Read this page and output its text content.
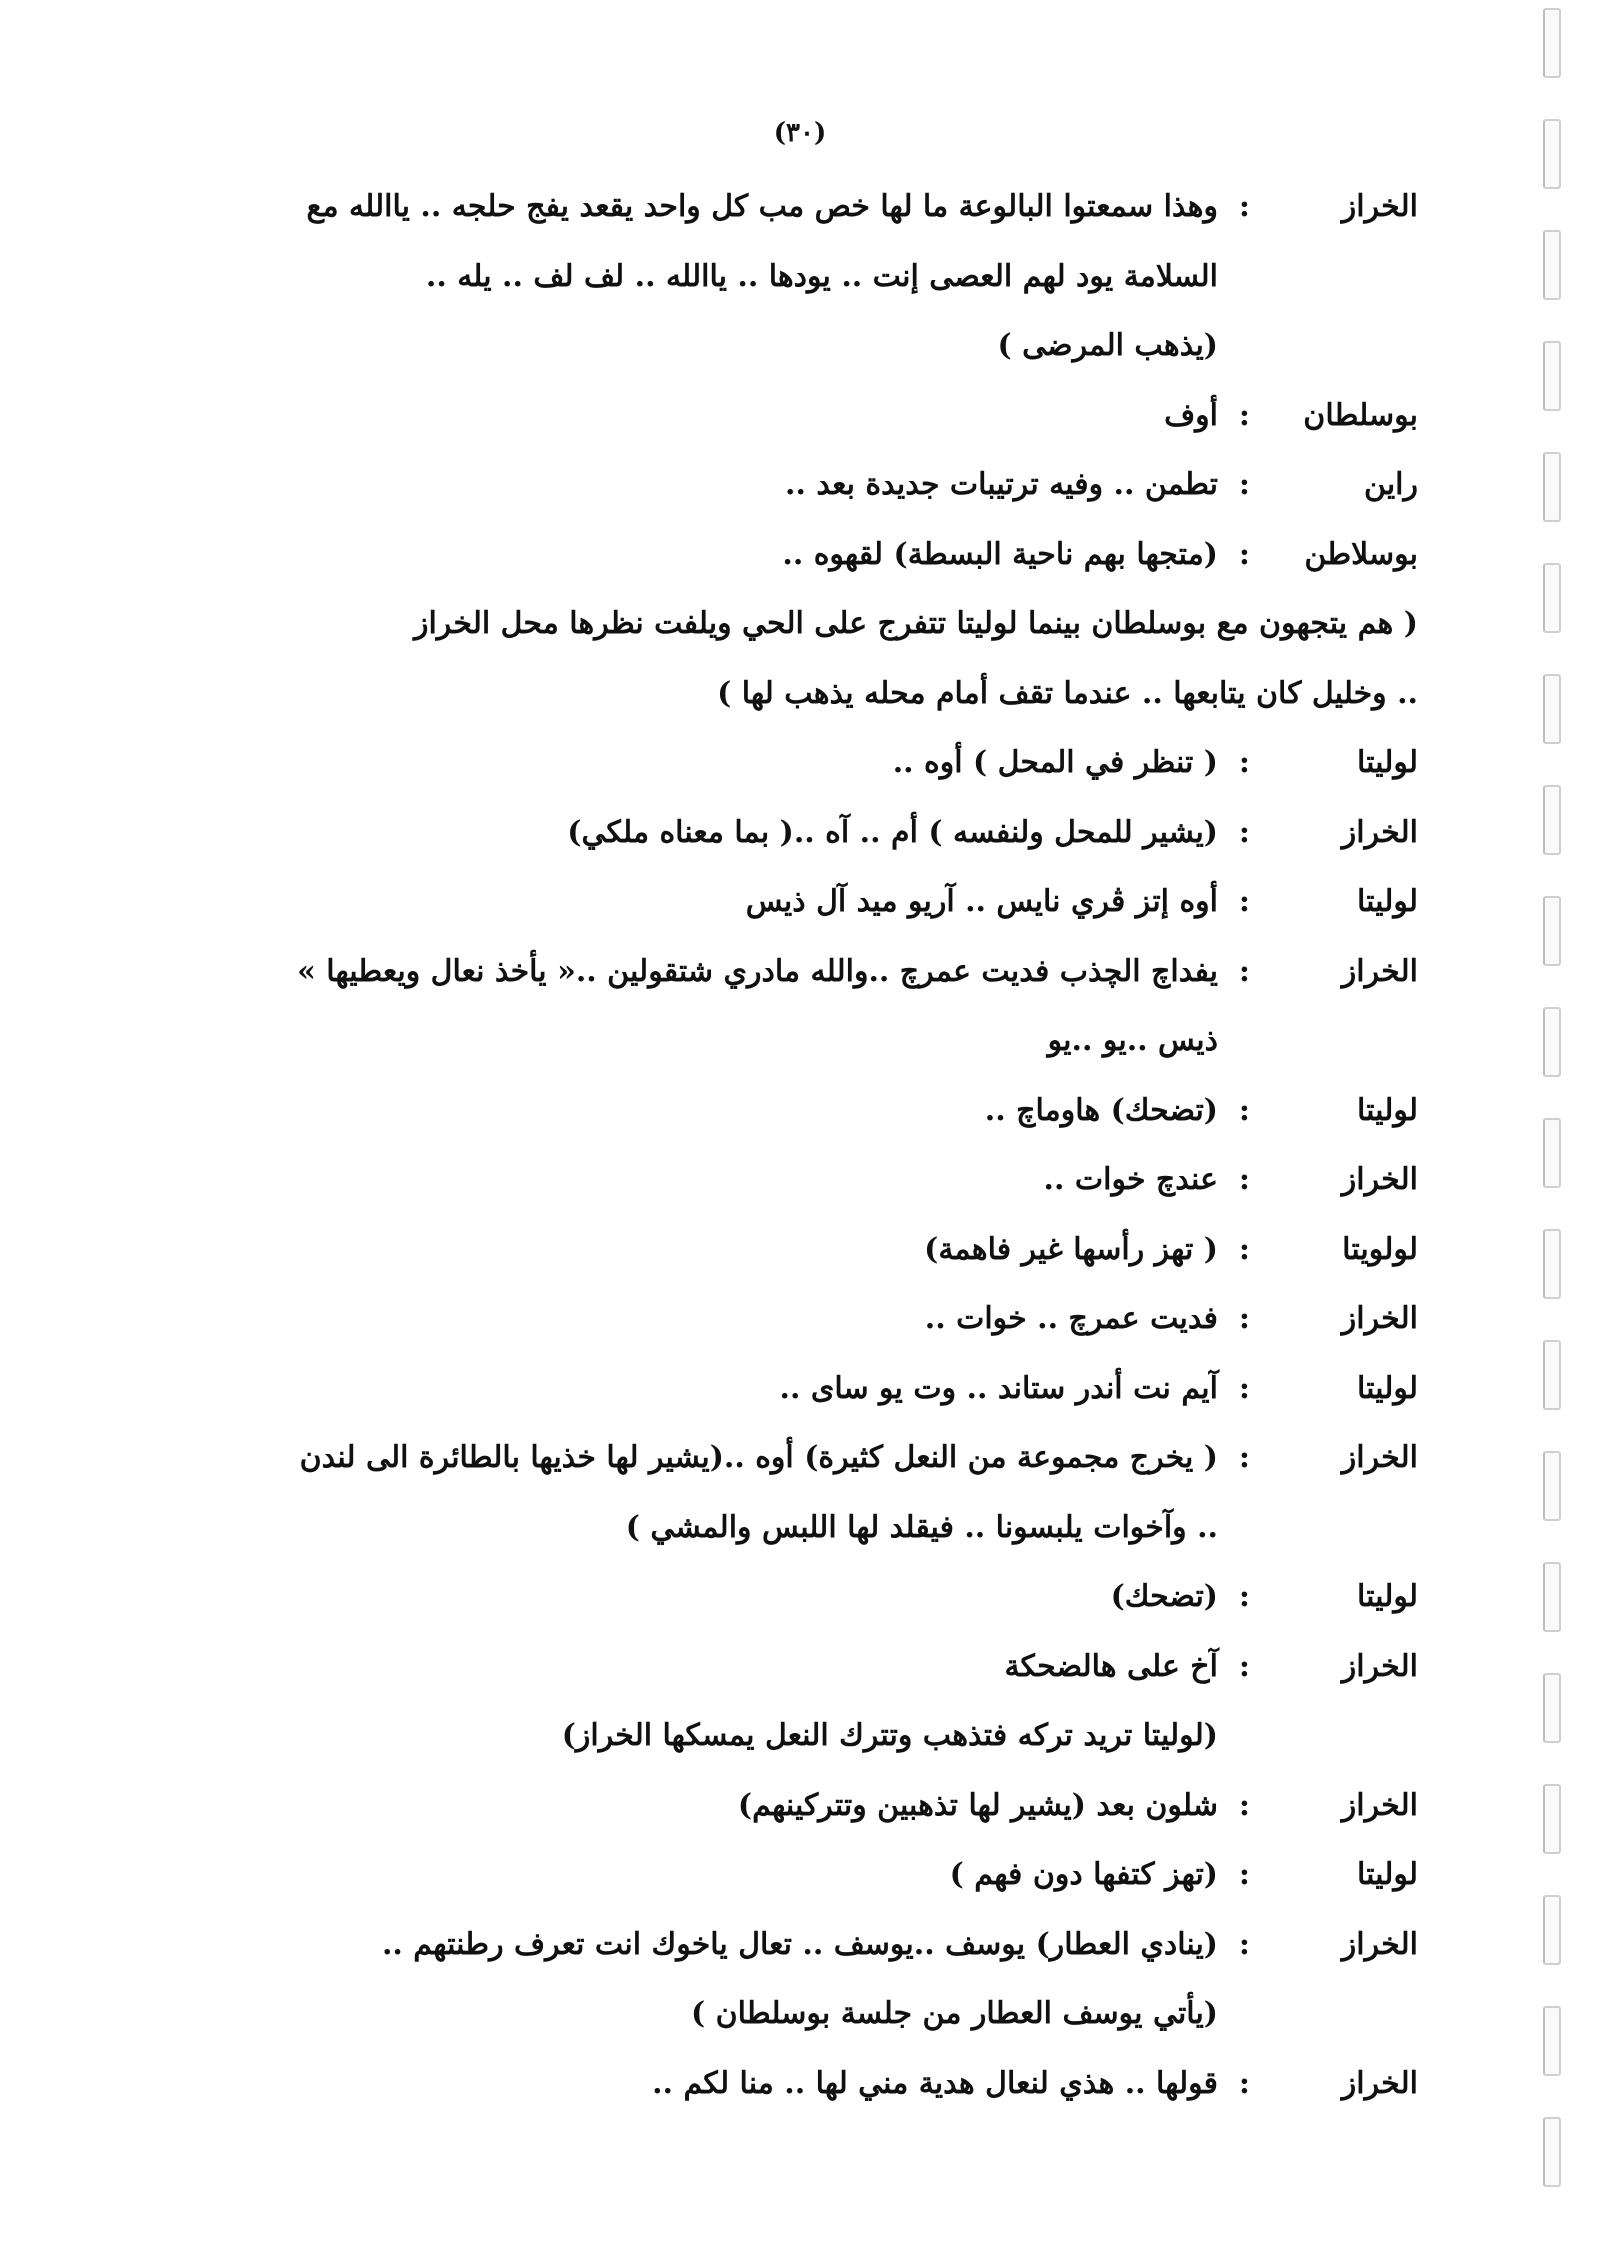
(٣٠)
الخراز
:
وهذا سمعتوا البالوعة ما لها خص مب كل واحد يقعد يفج حلجه .. ياالله مع
السلامة يود لهم العصى إنت .. يودها .. ياالله .. لف لف .. يله ..
(يذهب المرضى )
بوسلطان
:
أوف
راين
:
تطمن .. وفيه ترتيبات جديدة بعد ..
بوسلاطن
:
(متجها بهم ناحية البسطة) لقهوه ..
( هم يتجهون مع بوسلطان بينما لوليتا تتفرج على الحي ويلفت نظرها محل الخراز
.. وخليل كان يتابعها .. عندما تقف أمام محله يذهب لها )
لوليتا
:
( تنظر في المحل ) أوه ..
الخراز
:
(يشير للمحل ولنفسه ) أم .. آه ..( بما معناه ملكي)
لوليتا
:
أوه إتز ڤري نايس .. آريو ميد آل ذيس
الخراز
:
يفداچ الچذب فديت عمرچ ..والله مادري شتقولين ..« يأخذ نعال ويعطيها »
ذيس ..يو ..يو
لوليتا
:
(تضحك) هاوماچ ..
الخراز
:
عندچ خوات ..
لولويتا
:
( تهز رأسها غير فاهمة)
الخراز
:
فديت عمرچ .. خوات ..
لوليتا
:
آيم نت أندر ستاند .. وت يو ساى ..
الخراز
:
( يخرج مجموعة من النعل كثيرة) أوه ..(يشير لها خذيها بالطائرة الى لندن
.. وآخوات يلبسونا .. فيقلد لها اللبس والمشي )
لوليتا
:
(تضحك)
الخراز
:
آخ على هالضحكة
(لوليتا تريد تركه فتذهب وتترك النعل يمسكها الخراز)
الخراز
:
شلون بعد (يشير لها تذهبين وتتركينهم)
لوليتا
:
(تهز كتفها دون فهم )
الخراز
:
(ينادي العطار) يوسف ..يوسف .. تعال ياخوك انت تعرف رطنتهم ..
(يأتي يوسف العطار من جلسة بوسلطان )
الخراز
:
قولها .. هذي لنعال هدية مني لها .. منا لكم ..
